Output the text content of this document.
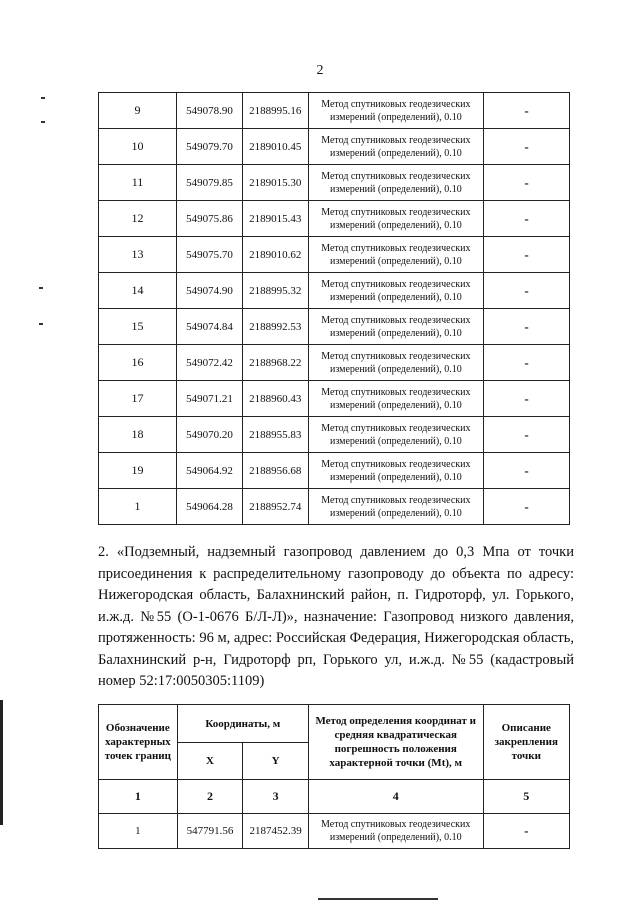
2
9	549078.90	2188995.16	Метод спутниковых геодезических измерений (определений), 0.10	-
10	549079.70	2189010.45	Метод спутниковых геодезических измерений (определений), 0.10	-
11	549079.85	2189015.30	Метод спутниковых геодезических измерений (определений), 0.10	-
12	549075.86	2189015.43	Метод спутниковых геодезических измерений (определений), 0.10	-
13	549075.70	2189010.62	Метод спутниковых геодезических измерений (определений), 0.10	-
14	549074.90	2188995.32	Метод спутниковых геодезических измерений (определений), 0.10	-
15	549074.84	2188992.53	Метод спутниковых геодезических измерений (определений), 0.10	-
16	549072.42	2188968.22	Метод спутниковых геодезических измерений (определений), 0.10	-
17	549071.21	2188960.43	Метод спутниковых геодезических измерений (определений), 0.10	-
18	549070.20	2188955.83	Метод спутниковых геодезических измерений (определений), 0.10	-
19	549064.92	2188956.68	Метод спутниковых геодезических измерений (определений), 0.10	-
1	549064.28	2188952.74	Метод спутниковых геодезических измерений (определений), 0.10	-
2. «Подземный, надземный газопровод давлением до 0,3 Мпа от точки присоединения к распределительному газопроводу до объекта по адресу: Нижегородская область, Балахнинский район, п. Гидроторф, ул. Горького, и.ж.д. №55 (О-1-0676 Б/Л-Л)», назначение: Газопровод низкого давления, протяженность: 96 м, адрес: Российская Федерация, Нижегородская область, Балахнинский р-н, Гидроторф рп, Горького ул, и.ж.д. №55 (кадастровый номер 52:17:0050305:1109)
Обозначение характерных точек границ	Координаты, м		Метод определения координат и средняя квадратическая погрешность положения характерной точки (Mt), м	Описание закрепления точки
	X	Y		
1	2	3	4	5
1	547791.56	2187452.39	Метод спутниковых геодезических измерений (определений), 0.10	-
